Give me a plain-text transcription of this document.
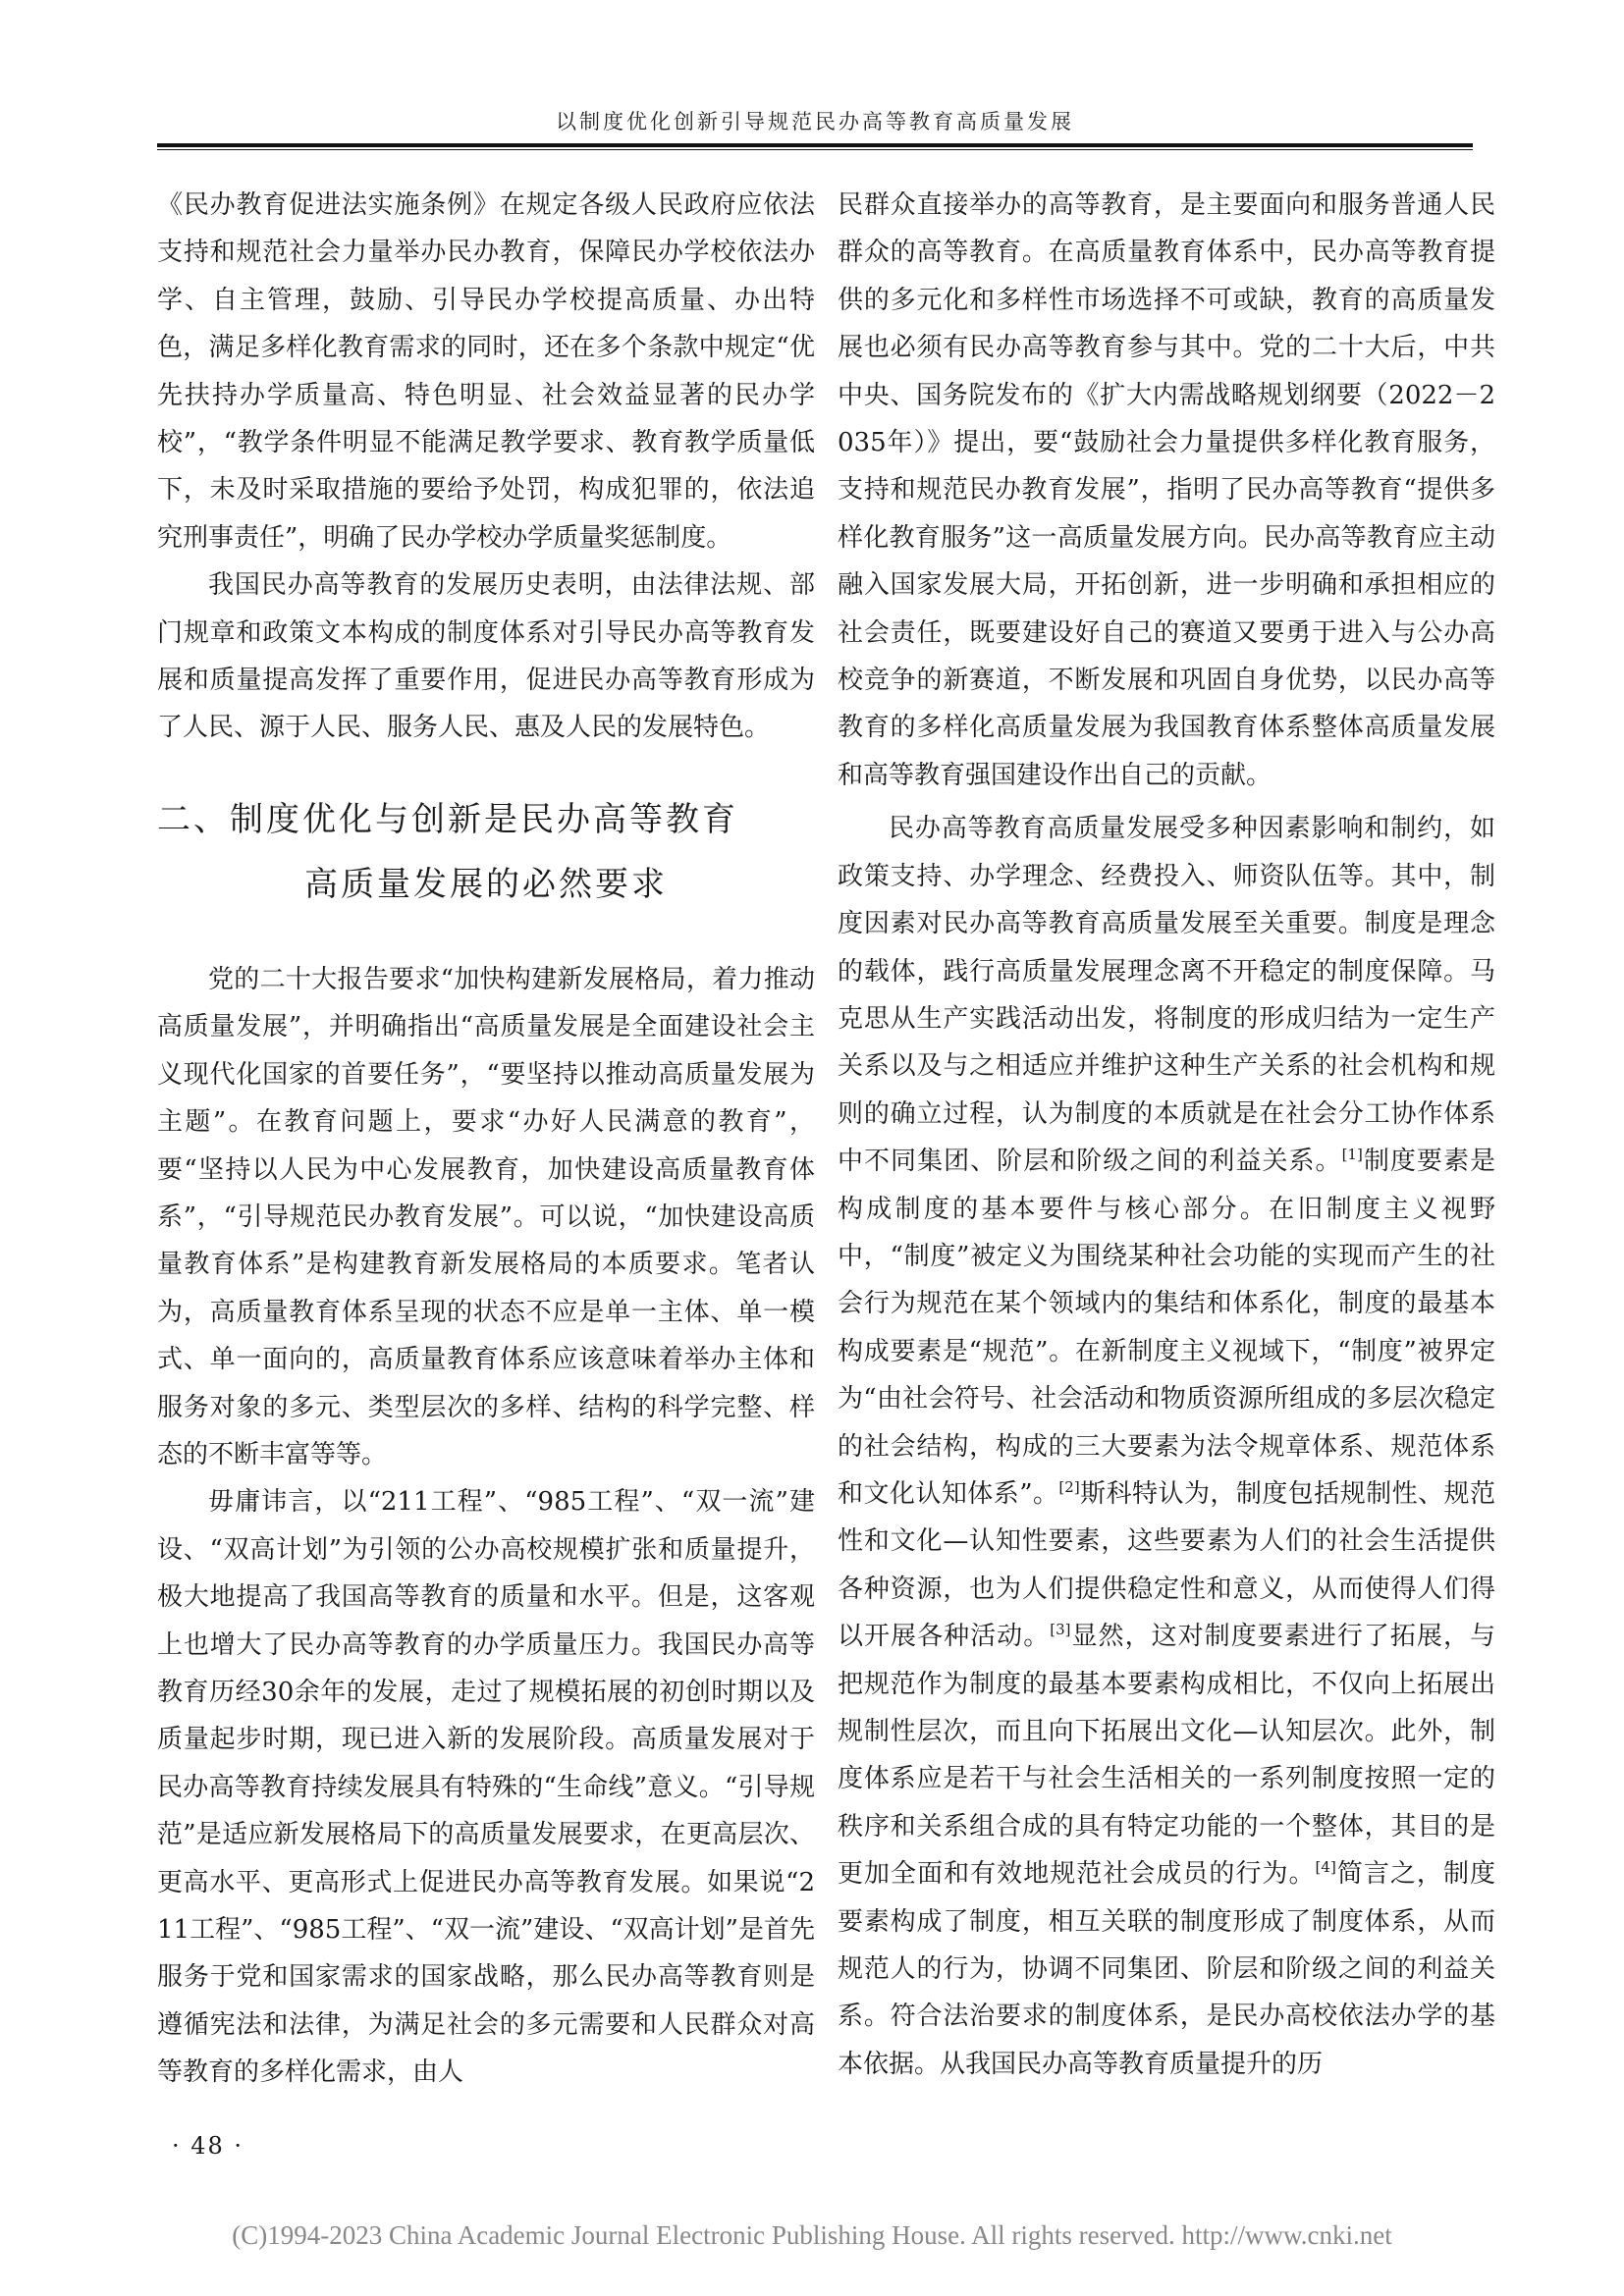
以制度优化创新引导规范民办高等教育高质量发展

《民办教育促进法实施条例》在规定各级人民政府应依法支持和规范社会力量举办民办教育，保障民办学校依法办学、自主管理，鼓励、引导民办学校提高质量、办出特色，满足多样化教育需求的同时，还在多个条款中规定“优先扶持办学质量高、特色明显、社会效益显著的民办学校”，“教学条件明显不能满足教学要求、教育教学质量低下，未及时采取措施的要给予处罚，构成犯罪的，依法追究刑事责任”，明确了民办学校办学质量奖惩制度。

我国民办高等教育的发展历史表明，由法律法规、部门规章和政策文本构成的制度体系对引导民办高等教育发展和质量提高发挥了重要作用，促进民办高等教育形成为了人民、源于人民、服务人民、惠及人民的发展特色。

二、制度优化与创新是民办高等教育
高质量发展的必然要求

党的二十大报告要求“加快构建新发展格局，着力推动高质量发展”，并明确指出“高质量发展是全面建设社会主义现代化国家的首要任务”，“要坚持以推动高质量发展为主题”。在教育问题上，要求“办好人民满意的教育”，要“坚持以人民为中心发展教育，加快建设高质量教育体系”，“引导规范民办教育发展”。可以说，“加快建设高质量教育体系”是构建教育新发展格局的本质要求。笔者认为，高质量教育体系呈现的状态不应是单一主体、单一模式、单一面向的，高质量教育体系应该意味着举办主体和服务对象的多元、类型层次的多样、结构的科学完整、样态的不断丰富等等。

毋庸讳言，以“211工程”、“985工程”、“双一流”建设、“双高计划”为引领的公办高校规模扩张和质量提升，极大地提高了我国高等教育的质量和水平。但是，这客观上也增大了民办高等教育的办学质量压力。我国民办高等教育历经30余年的发展，走过了规模拓展的初创时期以及质量起步时期，现已进入新的发展阶段。高质量发展对于民办高等教育持续发展具有特殊的“生命线”意义。“引导规范”是适应新发展格局下的高质量发展要求，在更高层次、更高水平、更高形式上促进民办高等教育发展。如果说“211工程”、“985工程”、“双一流”建设、“双高计划”是首先服务于党和国家需求的国家战略，那么民办高等教育则是遵循宪法和法律，为满足社会的多元需要和人民群众对高等教育的多样化需求，由人

民群众直接举办的高等教育，是主要面向和服务普通人民群众的高等教育。在高质量教育体系中，民办高等教育提供的多元化和多样性市场选择不可或缺，教育的高质量发展也必须有民办高等教育参与其中。党的二十大后，中共中央、国务院发布的《扩大内需战略规划纲要（2022－2035年）》提出，要“鼓励社会力量提供多样化教育服务，支持和规范民办教育发展”，指明了民办高等教育“提供多样化教育服务”这一高质量发展方向。民办高等教育应主动融入国家发展大局，开拓创新，进一步明确和承担相应的社会责任，既要建设好自己的赛道又要勇于进入与公办高校竞争的新赛道，不断发展和巩固自身优势，以民办高等教育的多样化高质量发展为我国教育体系整体高质量发展和高等教育强国建设作出自己的贡献。

民办高等教育高质量发展受多种因素影响和制约，如政策支持、办学理念、经费投入、师资队伍等。其中，制度因素对民办高等教育高质量发展至关重要。制度是理念的载体，践行高质量发展理念离不开稳定的制度保障。马克思从生产实践活动出发，将制度的形成归结为一定生产关系以及与之相适应并维护这种生产关系的社会机构和规则的确立过程，认为制度的本质就是在社会分工协作体系中不同集团、阶层和阶级之间的利益关系。[1]制度要素是构成制度的基本要件与核心部分。在旧制度主义视野中，“制度”被定义为围绕某种社会功能的实现而产生的社会行为规范在某个领域内的集结和体系化，制度的最基本构成要素是“规范”。在新制度主义视域下，“制度”被界定为“由社会符号、社会活动和物质资源所组成的多层次稳定的社会结构，构成的三大要素为法令规章体系、规范体系和文化认知体系”。[2]斯科特认为，制度包括规制性、规范性和文化—认知性要素，这些要素为人们的社会生活提供各种资源，也为人们提供稳定性和意义，从而使得人们得以开展各种活动。[3]显然，这对制度要素进行了拓展，与把规范作为制度的最基本要素构成相比，不仅向上拓展出规制性层次，而且向下拓展出文化—认知层次。此外，制度体系应是若干与社会生活相关的一系列制度按照一定的秩序和关系组合成的具有特定功能的一个整体，其目的是更加全面和有效地规范社会成员的行为。[4]简言之，制度要素构成了制度，相互关联的制度形成了制度体系，从而规范人的行为，协调不同集团、阶层和阶级之间的利益关系。符合法治要求的制度体系，是民办高校依法办学的基本依据。从我国民办高等教育质量提升的历

· 48 ·
(C)1994-2023 China Academic Journal Electronic Publishing House. All rights reserved. http://www.cnki.net
